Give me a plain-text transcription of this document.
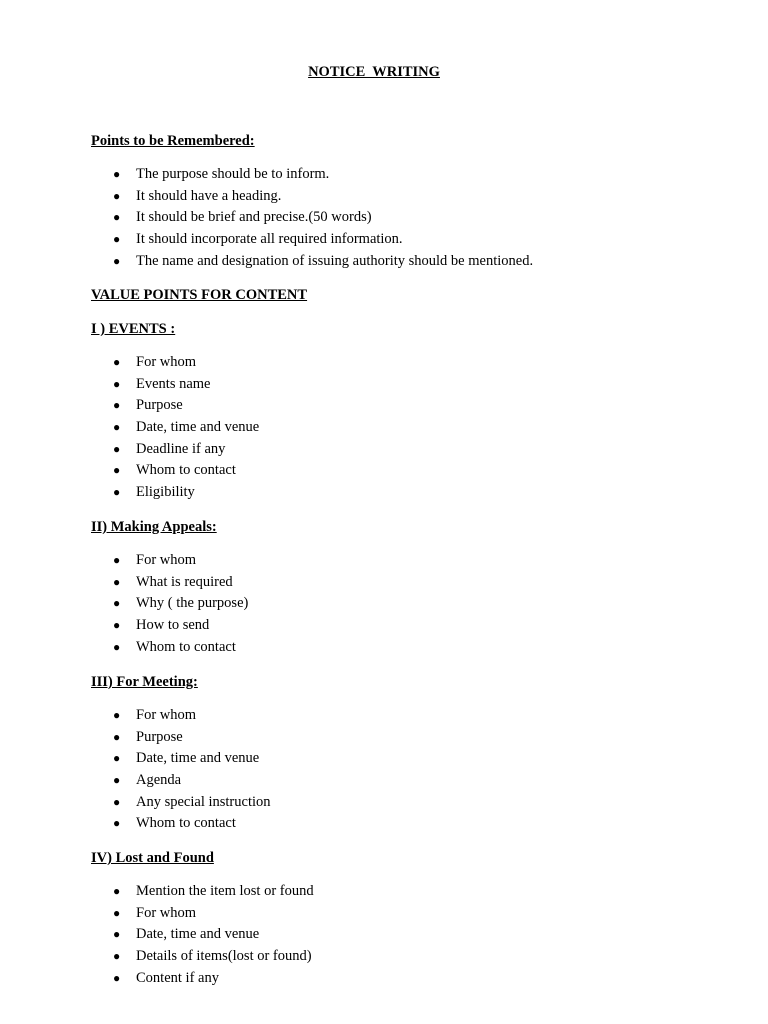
NOTICE  WRITING
Points to be Remembered:
● The purpose should be to inform.
● It should have a heading.
● It should be brief and precise.(50 words)
● It should incorporate all required information.
● The name and designation of issuing authority should be mentioned.
VALUE POINTS FOR CONTENT
I ) EVENTS :
● For whom
● Events name
● Purpose
● Date, time and venue
● Deadline if any
● Whom to contact
● Eligibility
II) Making Appeals:
● For whom
● What is required
● Why ( the purpose)
● How to send
● Whom to contact
III) For Meeting:
● For whom
● Purpose
● Date, time and venue
● Agenda
● Any special instruction
● Whom to contact
IV) Lost and Found
● Mention the item lost or found
● For whom
● Date, time and venue
● Details of items(lost or found)
● Content if any
